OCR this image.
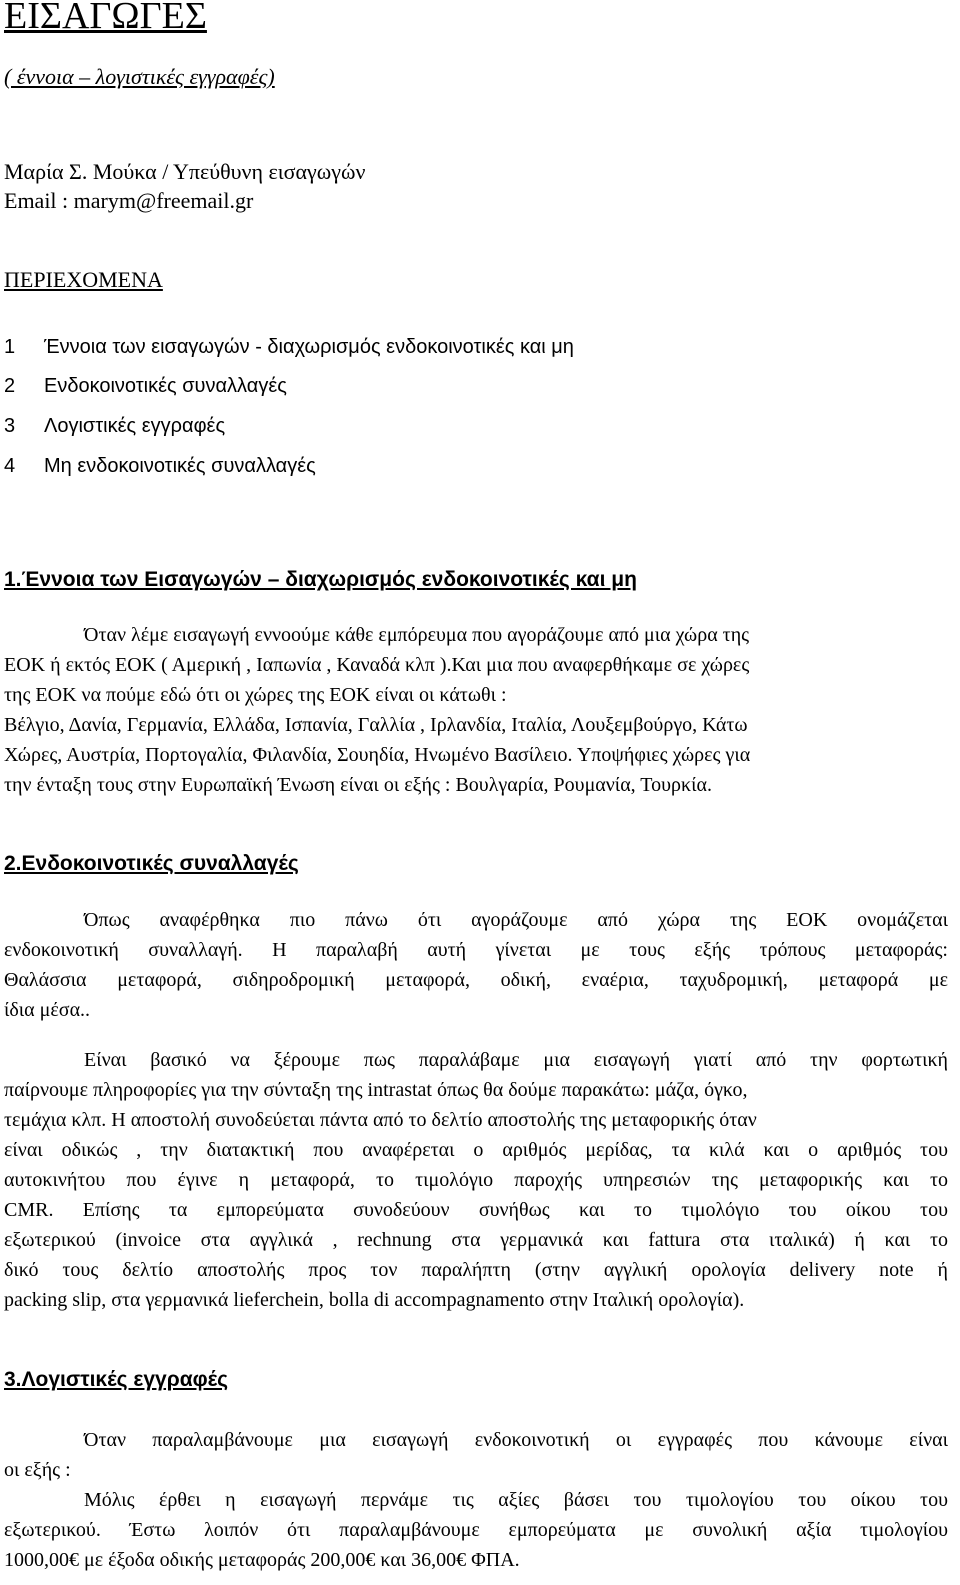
ΕΙΣΑΓΩΓΕΣ
( έννοια – λογιστικές εγγραφές)
Μαρία Σ. Μούκα / Υπεύθυνη εισαγωγών
Email : marym@freemail.gr
ΠΕΡΙΕΧΟΜΕΝΑ
1 Έννοια των εισαγωγών - διαχωρισμός ενδοκοινοτικές και μη
2 Ενδοκοινοτικές συναλλαγές
3 Λογιστικές εγγραφές
4 Μη ενδοκοινοτικές συναλλαγές
1.Έννοια των Εισαγωγών – διαχωρισμός ενδοκοινοτικές και μη
Όταν λέμε εισαγωγή εννοούμε κάθε εμπόρευμα που αγοράζουμε από μια χώρα της
ΕΟΚ ή εκτός ΕΟΚ ( Αμερική , Ιαπωνία , Καναδά κλπ ).Και μια που αναφερθήκαμε σε χώρες
της ΕΟΚ να πούμε εδώ ότι οι χώρες της ΕΟΚ είναι οι κάτωθι :
Βέλγιο, Δανία, Γερμανία, Ελλάδα, Ισπανία, Γαλλία , Ιρλανδία, Ιταλία, Λουξεμβούργο, Κάτω
Χώρες, Αυστρία, Πορτογαλία, Φιλανδία, Σουηδία, Ηνωμένο Βασίλειο. Υποψήφιες χώρες για
την ένταξη τους στην Ευρωπαϊκή Ένωση είναι οι εξής : Βουλγαρία, Ρουμανία, Τουρκία.
2.Ενδοκοινοτικές συναλλαγές
Όπως αναφέρθηκα πιο πάνω ότι αγοράζουμε από χώρα της ΕΟΚ ονομάζεται
ενδοκοινοτική συναλλαγή. Η παραλαβή αυτή γίνεται με τους εξής τρόπους μεταφοράς:
Θαλάσσια μεταφορά, σιδηροδρομική μεταφορά, οδική, εναέρια, ταχυδρομική, μεταφορά με
ίδια μέσα..
Είναι βασικό να ξέρουμε πως παραλάβαμε μια εισαγωγή γιατί από την φορτωτική
παίρνουμε πληροφορίες για την σύνταξη της intrastat όπως θα δούμε παρακάτω: μάζα, όγκο,
τεμάχια κλπ. Η αποστολή συνοδεύεται πάντα από το δελτίο αποστολής της μεταφορικής όταν
είναι οδικώς , την διατακτική που αναφέρεται ο αριθμός μερίδας, τα κιλά και ο αριθμός του
αυτοκινήτου που έγινε η μεταφορά, το τιμολόγιο παροχής υπηρεσιών της μεταφορικής και το
CMR. Επίσης τα εμπορεύματα συνοδεύουν συνήθως και το τιμολόγιο του οίκου του
εξωτερικού (invoice στα αγγλικά , rechnung στα γερμανικά και fattura στα ιταλικά) ή και το
δικό τους δελτίο αποστολής προς τον παραλήπτη (στην αγγλική ορολογία delivery note ή
packing slip, στα γερμανικά lieferchein, bolla di accompagnamento στην Ιταλική ορολογία).
3.Λογιστικές εγγραφές
Όταν παραλαμβάνουμε μια εισαγωγή ενδοκοινοτική οι εγγραφές που κάνουμε είναι
οι εξής :
Μόλις έρθει η εισαγωγή περνάμε τις αξίες βάσει του τιμολογίου του οίκου του
εξωτερικού. Έστω λοιπόν ότι παραλαμβάνουμε εμπορεύματα με συνολική αξία τιμολογίου
1000,00€ με έξοδα οδικής μεταφοράς 200,00€ και 36,00€ ΦΠΑ.
